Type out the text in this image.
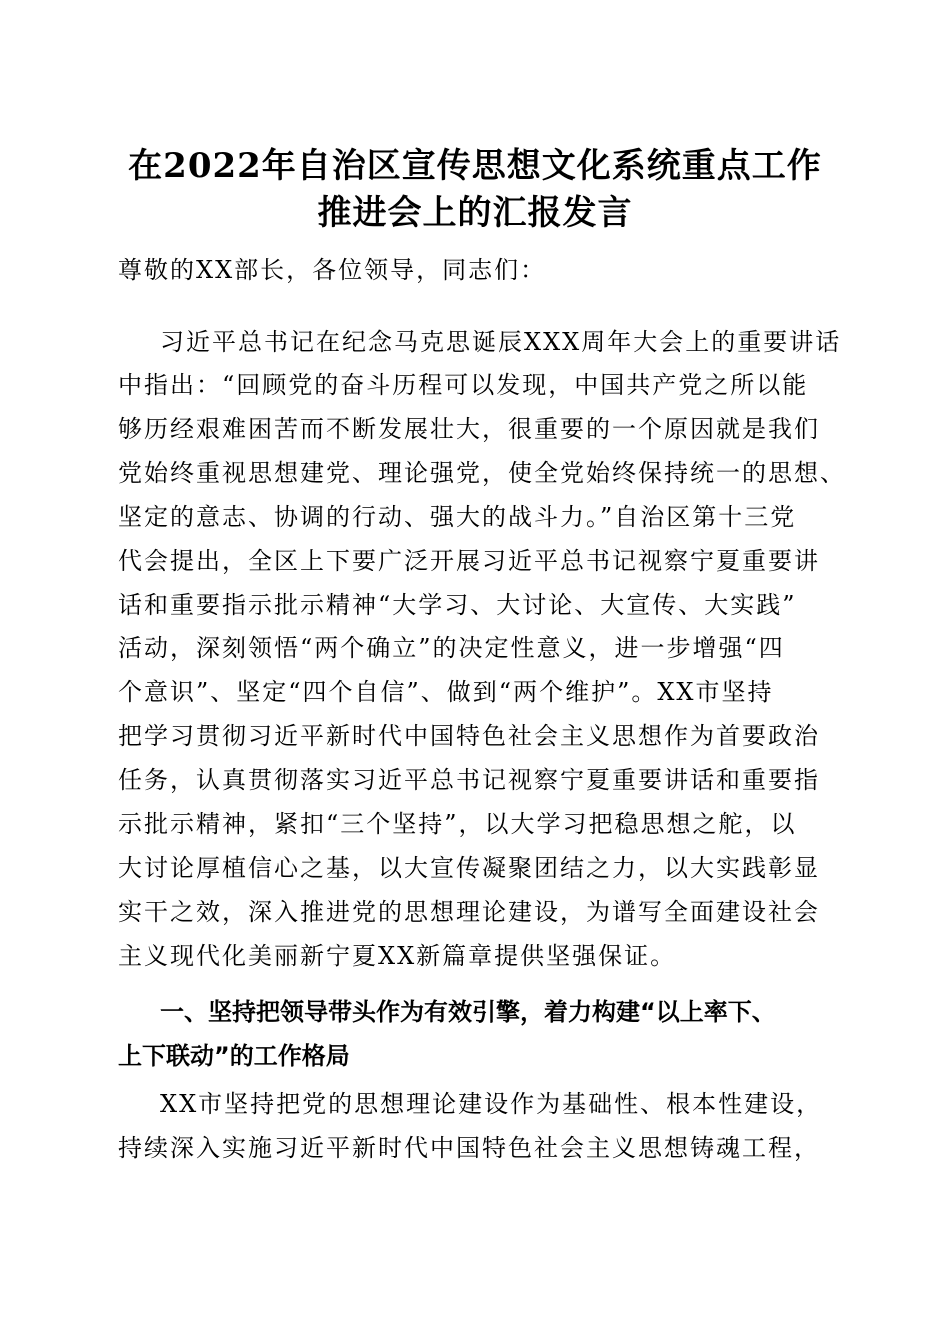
在2022年自治区宣传思想文化系统重点工作
推进会上的汇报发言

尊敬的XX部长，各位领导，同志们：

习近平总书记在纪念马克思诞辰XXX周年大会上的重要讲话

中指出：“回顾党的奋斗历程可以发现，中国共产党之所以能

够历经艰难困苦而不断发展壮大，很重要的一个原因就是我们

党始终重视思想建党、理论强党，使全党始终保持统一的思想、

坚定的意志、协调的行动、强大的战斗力。”自治区第十三党

代会提出，全区上下要广泛开展习近平总书记视察宁夏重要讲

话和重要指示批示精神“大学习、大讨论、大宣传、大实践”

活动，深刻领悟“两个确立”的决定性意义，进一步增强“四

个意识”、坚定“四个自信”、做到“两个维护”。XX市坚持

把学习贯彻习近平新时代中国特色社会主义思想作为首要政治

任务，认真贯彻落实习近平总书记视察宁夏重要讲话和重要指

示批示精神，紧扣“三个坚持”，以大学习把稳思想之舵，以

大讨论厚植信心之基，以大宣传凝聚团结之力，以大实践彰显

实干之效，深入推进党的思想理论建设，为谱写全面建设社会

主义现代化美丽新宁夏XX新篇章提供坚强保证。

一、坚持把领导带头作为有效引擎，着力构建“以上率下、

上下联动”的工作格局

XX市坚持把党的思想理论建设作为基础性、根本性建设，

持续深入实施习近平新时代中国特色社会主义思想铸魂工程，
